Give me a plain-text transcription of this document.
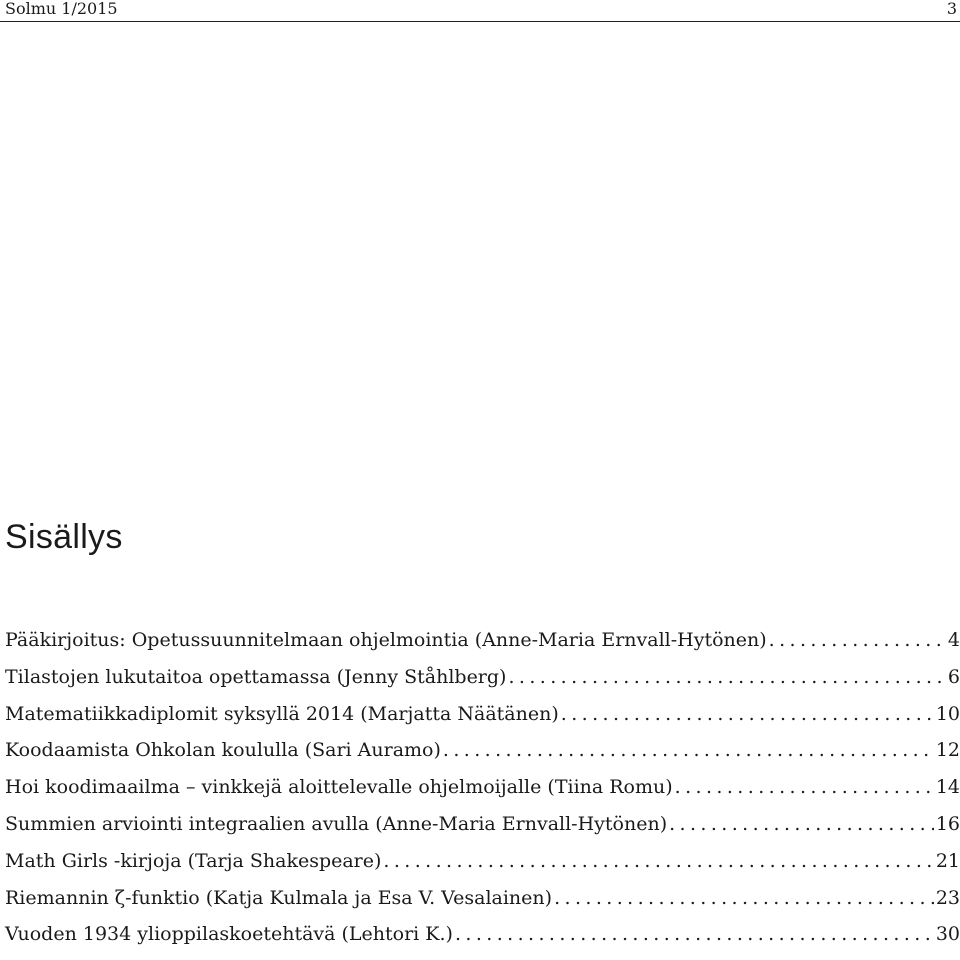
Solmu 1/2015	3
Sisällys
Pääkirjoitus: Opetussuunnitelmaan ohjelmointia (Anne-Maria Ernvall-Hytönen) .....	4
Tilastojen lukutaitoa opettamassa (Jenny Ståhlberg) .....	6
Matematiikkadiplomit syksyllä 2014 (Marjatta Näätänen) .....	10
Koodaamista Ohkolan koululla (Sari Auramo) .....	12
Hoi koodimaailma – vinkkejä aloittelevalle ohjelmoijalle (Tiina Romu) .....	14
Summien arviointi integraalien avulla (Anne-Maria Ernvall-Hytönen) .....	16
Math Girls -kirjoja (Tarja Shakespeare) .....	21
Riemannin ζ-funktio (Katja Kulmala ja Esa V. Vesalainen) .....	23
Vuoden 1934 ylioppilaskoetehtävä (Lehtori K.) .....	30
